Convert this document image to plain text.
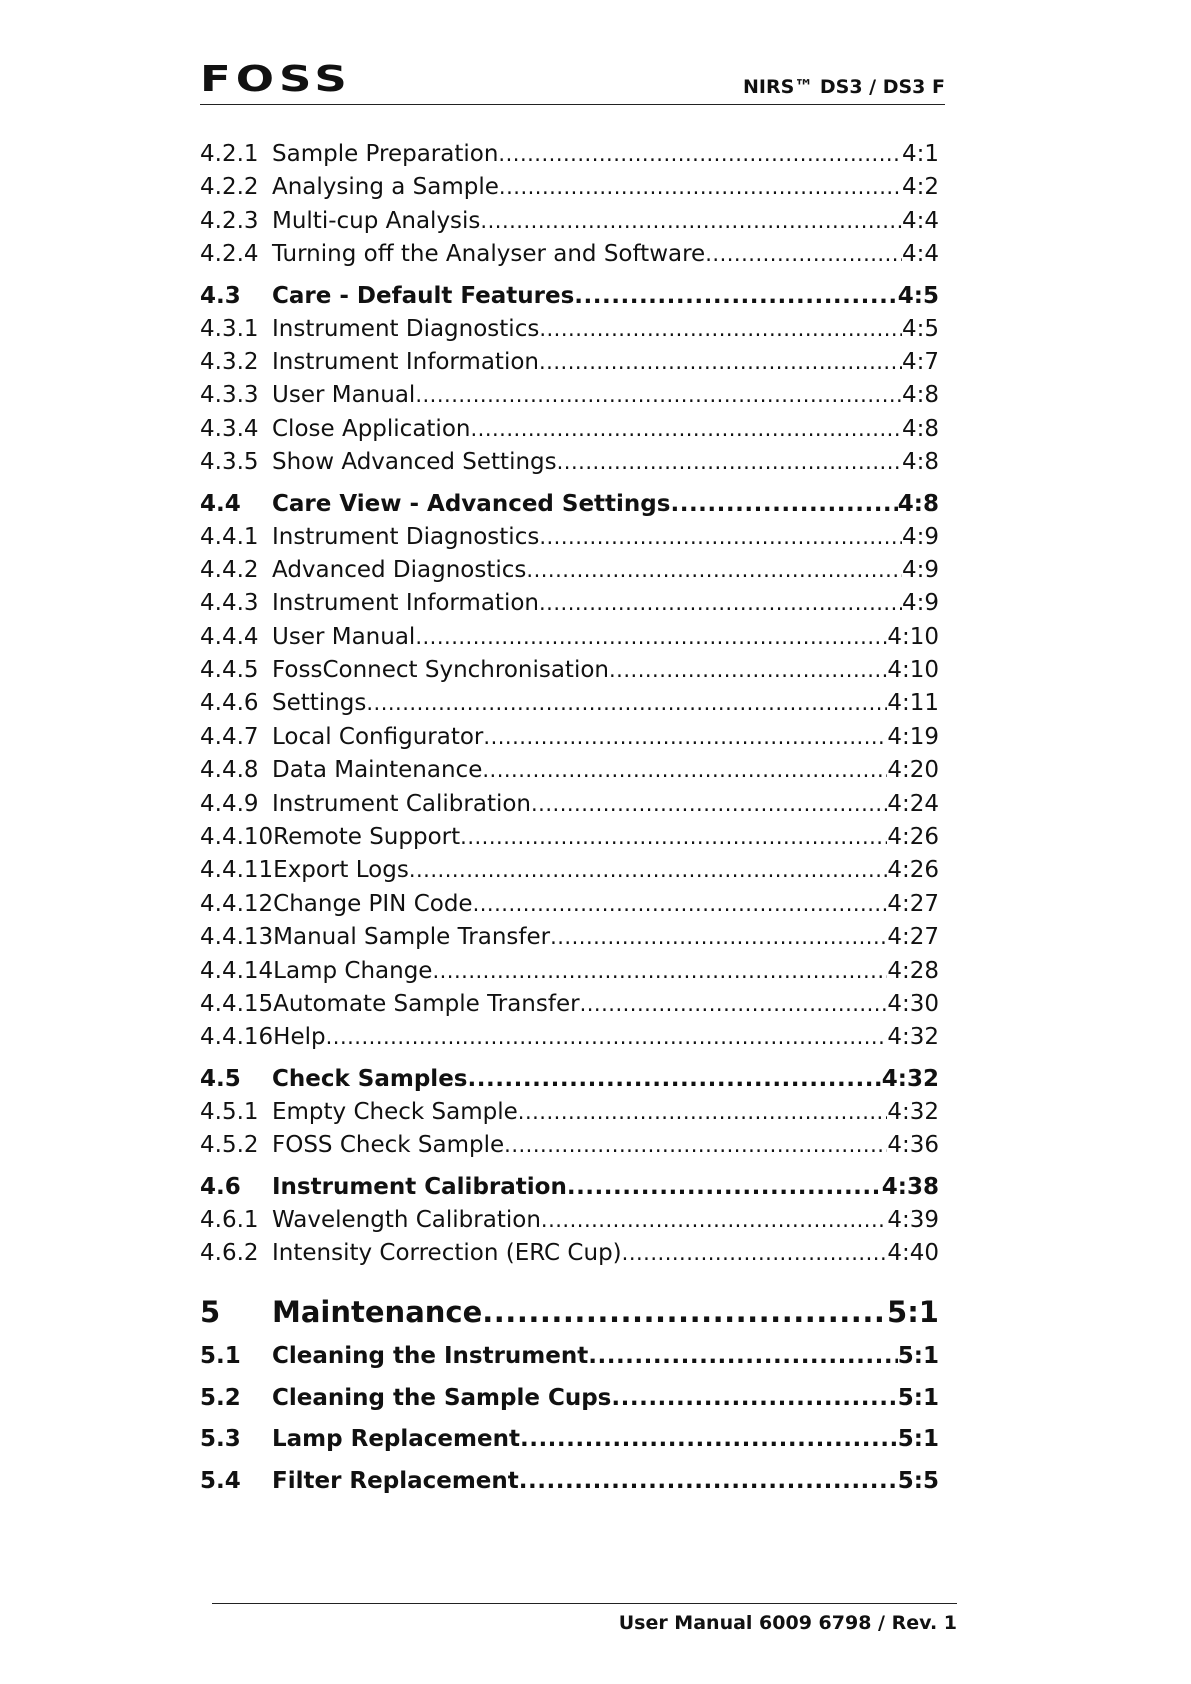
FOSS	NIRS™ DS3 / DS3 F
4.2.1 Sample Preparation .....	4:1
4.2.2 Analysing a Sample .....	4:2
4.2.3 Multi-cup Analysis .....	4:4
4.2.4 Turning off the Analyser and Software .....	4:4
4.3	Care - Default Features .....	4:5
4.3.1 Instrument Diagnostics .....	4:5
4.3.2 Instrument Information .....	4:7
4.3.3 User Manual .....	4:8
4.3.4 Close Application .....	4:8
4.3.5 Show Advanced Settings .....	4:8
4.4	Care View - Advanced Settings .....	4:8
4.4.1 Instrument Diagnostics .....	4:9
4.4.2 Advanced Diagnostics .....	4:9
4.4.3 Instrument Information .....	4:9
4.4.4 User Manual .....	4:10
4.4.5 FossConnect Synchronisation .....	4:10
4.4.6 Settings .....	4:11
4.4.7 Local Configurator .....	4:19
4.4.8 Data Maintenance .....	4:20
4.4.9 Instrument Calibration .....	4:24
4.4.10 Remote Support .....	4:26
4.4.11 Export Logs .....	4:26
4.4.12 Change PIN Code .....	4:27
4.4.13 Manual Sample Transfer .....	4:27
4.4.14 Lamp Change .....	4:28
4.4.15 Automate Sample Transfer .....	4:30
4.4.16 Help .....	4:32
4.5	Check Samples .....	4:32
4.5.1 Empty Check Sample .....	4:32
4.5.2 FOSS Check Sample .....	4:36
4.6	Instrument Calibration .....	4:38
4.6.1 Wavelength Calibration .....	4:39
4.6.2 Intensity Correction (ERC Cup) .....	4:40
5	Maintenance .....	5:1
5.1	Cleaning the Instrument .....	5:1
5.2	Cleaning the Sample Cups .....	5:1
5.3	Lamp Replacement .....	5:1
5.4	Filter Replacement .....	5:5
User Manual 6009 6798 / Rev. 1
